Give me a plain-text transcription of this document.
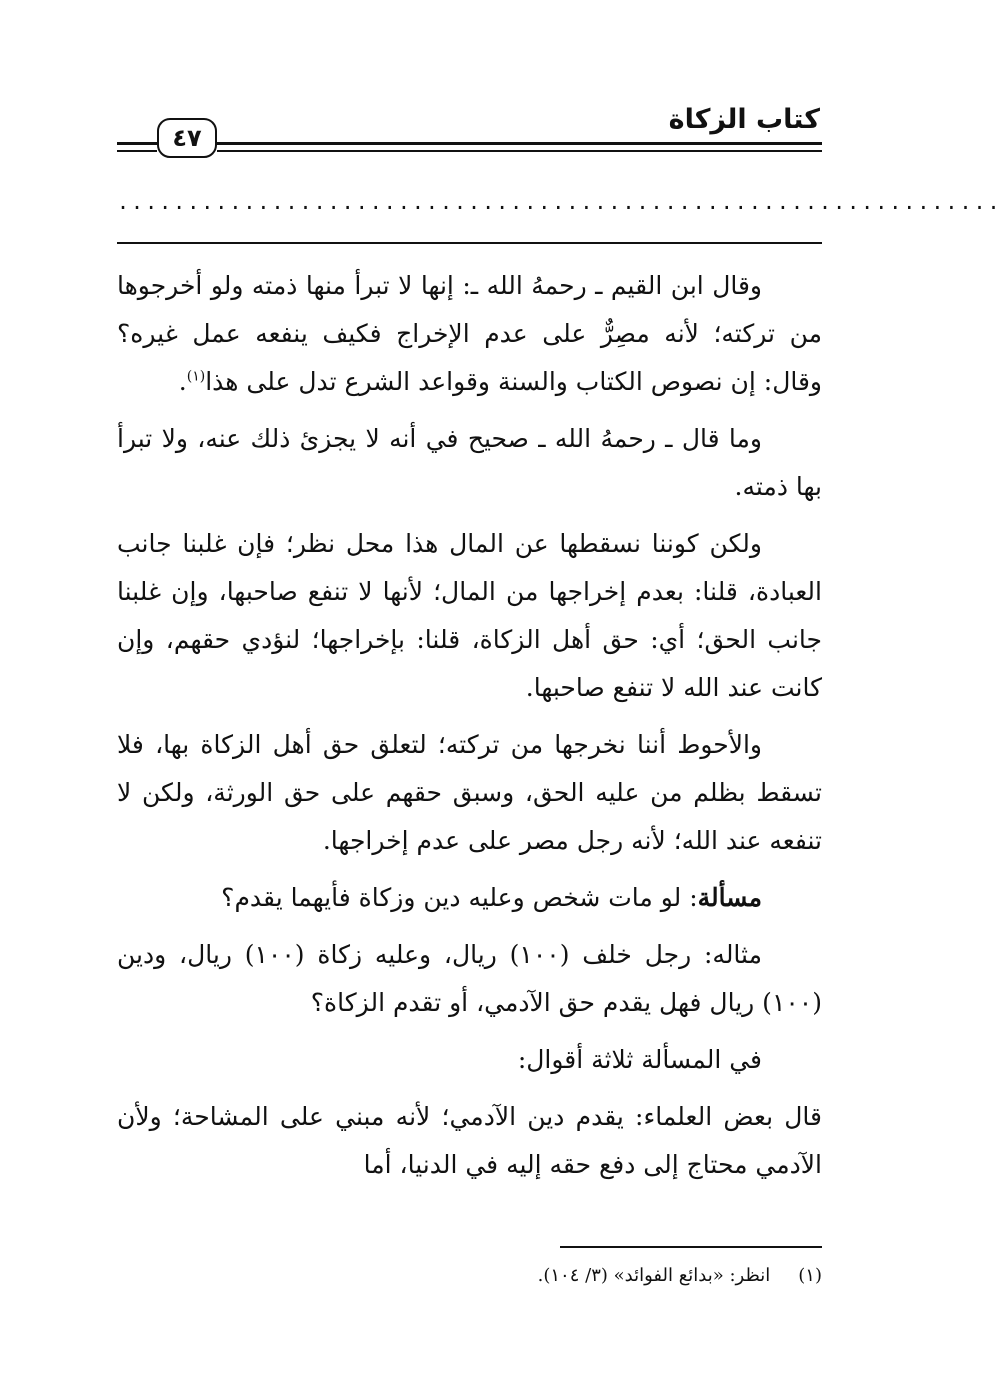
كتاب الزكاة
٤٧
...............................................................

وقال ابن القيم ـ رحمهُ الله ـ: إنها لا تبرأ منها ذمته ولو أخرجوها من تركته؛ لأنه مصِرٌّ على عدم الإخراج فكيف ينفعه عمل غيره؟ وقال: إن نصوص الكتاب والسنة وقواعد الشرع تدل على هذا$^{(١)}$.

وما قال ـ رحمهُ الله ـ صحيح في أنه لا يجزئ ذلك عنه، ولا تبرأ بها ذمته.

ولكن كوننا نسقطها عن المال هذا محل نظر؛ فإن غلبنا جانب العبادة، قلنا: بعدم إخراجها من المال؛ لأنها لا تنفع صاحبها، وإن غلبنا جانب الحق؛ أي: حق أهل الزكاة، قلنا: بإخراجها؛ لنؤدي حقهم، وإن كانت عند الله لا تنفع صاحبها.

والأحوط أننا نخرجها من تركته؛ لتعلق حق أهل الزكاة بها، فلا تسقط بظلم من عليه الحق، وسبق حقهم على حق الورثة، ولكن لا تنفعه عند الله؛ لأنه رجل مصر على عدم إخراجها.

مسألة: لو مات شخص وعليه دين وزكاة فأيهما يقدم؟

مثاله: رجل خلف (١٠٠) ريال، وعليه زكاة (١٠٠) ريال، ودين (١٠٠) ريال فهل يقدم حق الآدمي، أو تقدم الزكاة؟

في المسألة ثلاثة أقوال:

قال بعض العلماء: يقدم دين الآدمي؛ لأنه مبني على المشاحة؛ ولأن الآدمي محتاج إلى دفع حقه إليه في الدنيا، أما

(١)انظر: «بدائع الفوائد» (٣/ ١٠٤).
